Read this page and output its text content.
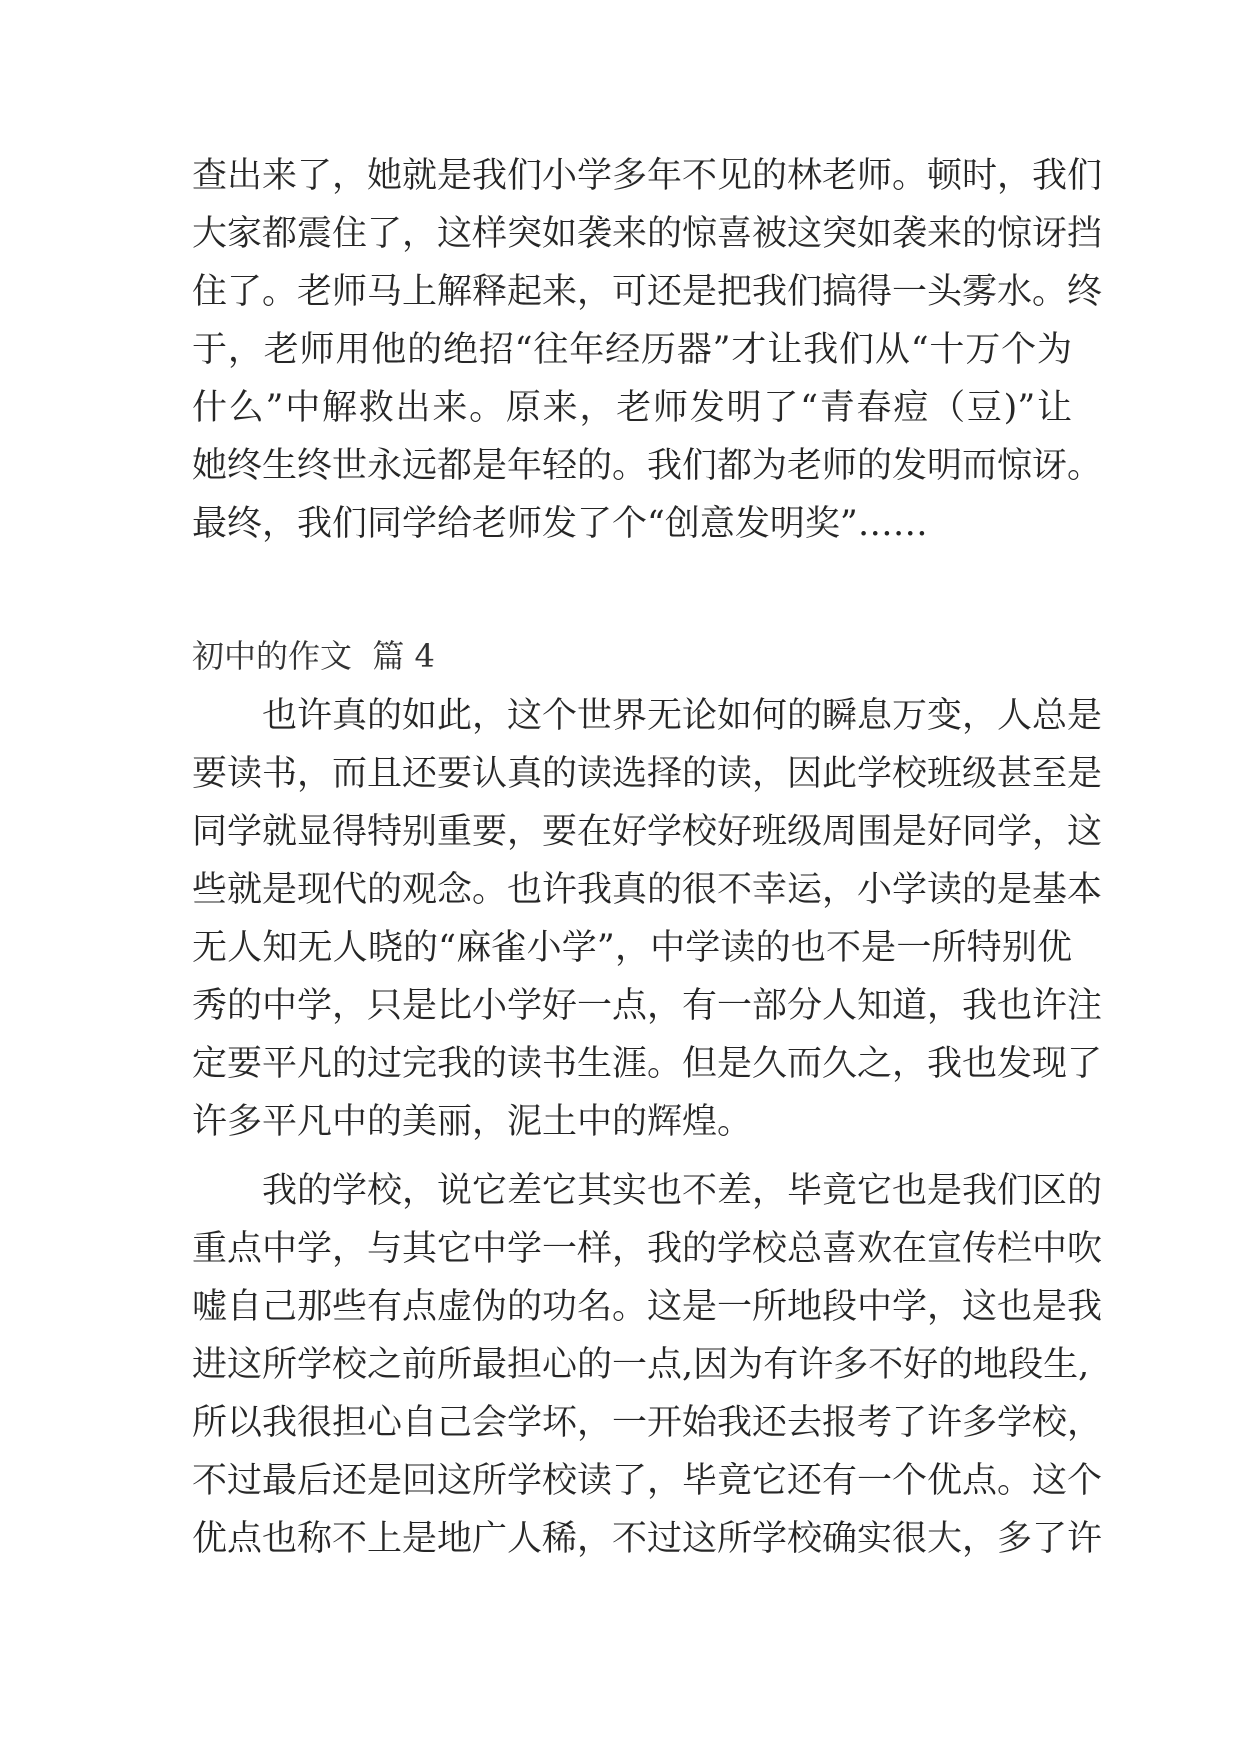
查出来了，她就是我们小学多年不见的林老师。顿时，我们
大家都震住了，这样突如袭来的惊喜被这突如袭来的惊讶挡
住了。老师马上解释起来，可还是把我们搞得一头雾水。终
于，老师用他的绝招“往年经历器”才让我们从“十万个为
什么”中解救出来。原来，老师发明了“青春痘（豆)”让
她终生终世永远都是年轻的。我们都为老师的发明而惊讶。
最终，我们同学给老师发了个“创意发明奖”……
初中的作文  篇 4
也许真的如此，这个世界无论如何的瞬息万变，人总是
要读书，而且还要认真的读选择的读，因此学校班级甚至是
同学就显得特别重要，要在好学校好班级周围是好同学，这
些就是现代的观念。也许我真的很不幸运，小学读的是基本
无人知无人晓的“麻雀小学”，中学读的也不是一所特别优
秀的中学，只是比小学好一点，有一部分人知道，我也许注
定要平凡的过完我的读书生涯。但是久而久之，我也发现了
许多平凡中的美丽，泥土中的辉煌。
我的学校，说它差它其实也不差，毕竟它也是我们区的
重点中学，与其它中学一样，我的学校总喜欢在宣传栏中吹
嘘自己那些有点虚伪的功名。这是一所地段中学，这也是我
进这所学校之前所最担心的一点,因为有许多不好的地段生,
所以我很担心自己会学坏，一开始我还去报考了许多学校，
不过最后还是回这所学校读了，毕竟它还有一个优点。这个
优点也称不上是地广人稀，不过这所学校确实很大，多了许
